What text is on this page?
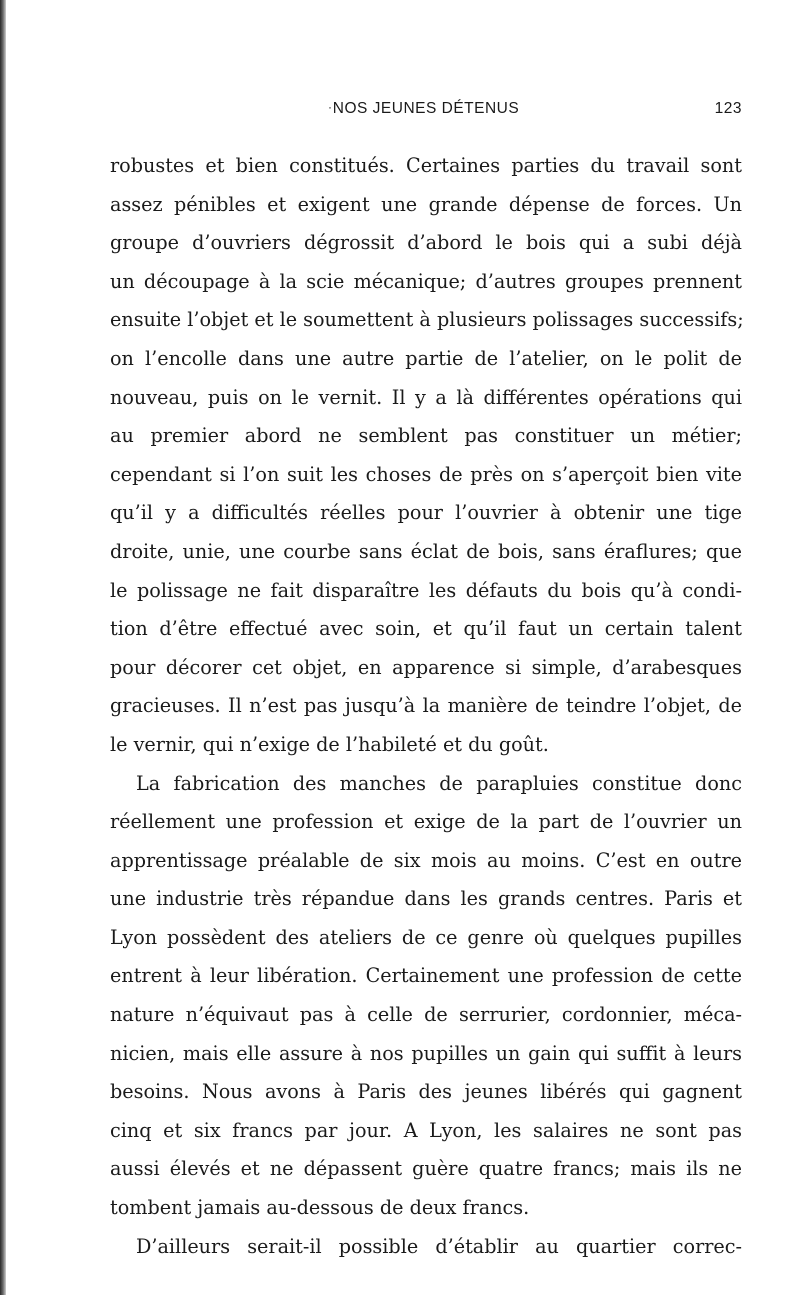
· NOS JEUNES DÉTENUS	123
robustes et bien constitués. Certaines parties du travail sont
assez pénibles et exigent une grande dépense de forces. Un
groupe d’ouvriers dégrossit d’abord le bois qui a subi déjà
un découpage à la scie mécanique; d’autres groupes prennent
ensuite l’objet et le soumettent à plusieurs polissages successifs;
on l’encolle dans une autre partie de l’atelier, on le polit de
nouveau, puis on le vernit. Il y a là différentes opérations qui
au premier abord ne semblent pas constituer un métier;
cependant si l’on suit les choses de près on s’aperçoit bien vite
qu’il y a difficultés réelles pour l’ouvrier à obtenir une tige
droite, unie, une courbe sans éclat de bois, sans éraflures; que
le polissage ne fait disparaître les défauts du bois qu’à condi-
tion d’être effectué avec soin, et qu’il faut un certain talent
pour décorer cet objet, en apparence si simple, d’arabesques
gracieuses. Il n’est pas jusqu’à la manière de teindre l’objet, de
le vernir, qui n’exige de l’habileté et du goût.
La fabrication des manches de parapluies constitue donc
réellement une profession et exige de la part de l’ouvrier un
apprentissage préalable de six mois au moins. C’est en outre
une industrie très répandue dans les grands centres. Paris et
Lyon possèdent des ateliers de ce genre où quelques pupilles
entrent à leur libération. Certainement une profession de cette
nature n’équivaut pas à celle de serrurier, cordonnier, méca-
nicien, mais elle assure à nos pupilles un gain qui suffit à leurs
besoins. Nous avons à Paris des jeunes libérés qui gagnent
cinq et six francs par jour. A Lyon, les salaires ne sont pas
aussi élevés et ne dépassent guère quatre francs; mais ils ne
tombent jamais au-dessous de deux francs.
D’ailleurs serait-il possible d’établir au quartier correc-
